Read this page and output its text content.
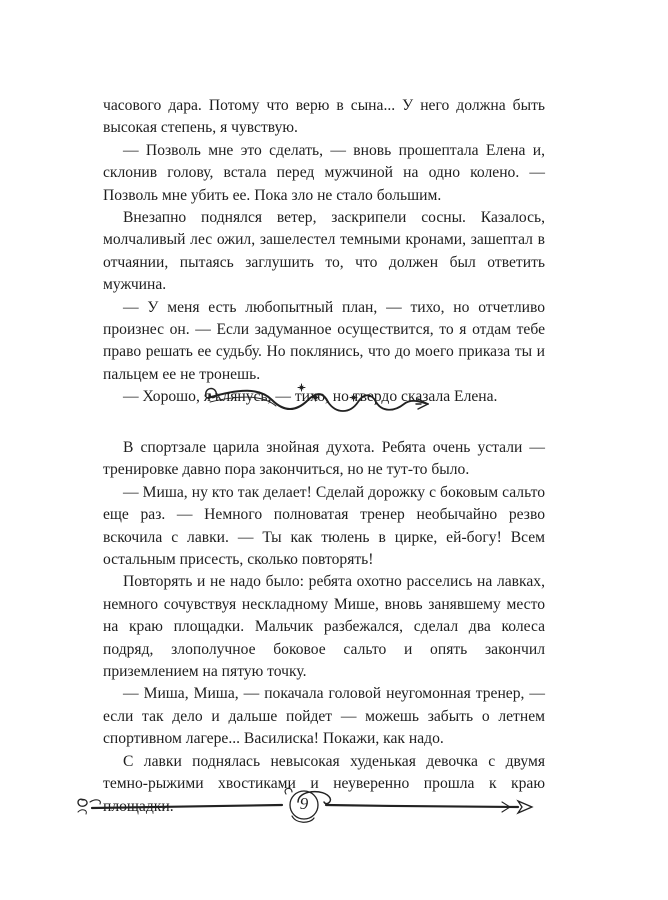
часового дара. Потому что верю в сына... У него должна быть высокая степень, я чувствую.

— Позволь мне это сделать, — вновь прошептала Елена и, склонив голову, встала перед мужчиной на одно колено. — Позволь мне убить ее. Пока зло не стало большим.

Внезапно поднялся ветер, заскрипели сосны. Казалось, молчаливый лес ожил, зашелестел темными кронами, зашептал в отчаянии, пытаясь заглушить то, что должен был ответить мужчина.

— У меня есть любопытный план, — тихо, но отчетливо произнес он. — Если задуманное осуществится, то я отдам тебе право решать ее судьбу. Но поклянись, что до моего приказа ты и пальцем ее не тронешь.

— Хорошо, я клянусь, — тихо, но твердо сказала Елена.

В спортзале царила знойная духота. Ребята очень устали — тренировке давно пора закончиться, но не тут-то было.

— Миша, ну кто так делает! Сделай дорожку с боковым сальто еще раз. — Немного полноватая тренер необычайно резво вскочила с лавки. — Ты как тюлень в цирке, ей-богу! Всем остальным присесть, сколько повторять!

Повторять и не надо было: ребята охотно расселись на лавках, немного сочувствуя нескладному Мише, вновь занявшему место на краю площадки. Мальчик разбежался, сделал два колеса подряд, злополучное боковое сальто и опять закончил приземлением на пятую точку.

— Миша, Миша, — покачала головой неугомонная тренер, — если так дело и дальше пойдет — можешь забыть о летнем спортивном лагере... Василиска! Покажи, как надо.

С лавки поднялась невысокая худенькая девочка с двумя темно-рыжими хвостиками и неуверенно прошла к краю площадки.	9
